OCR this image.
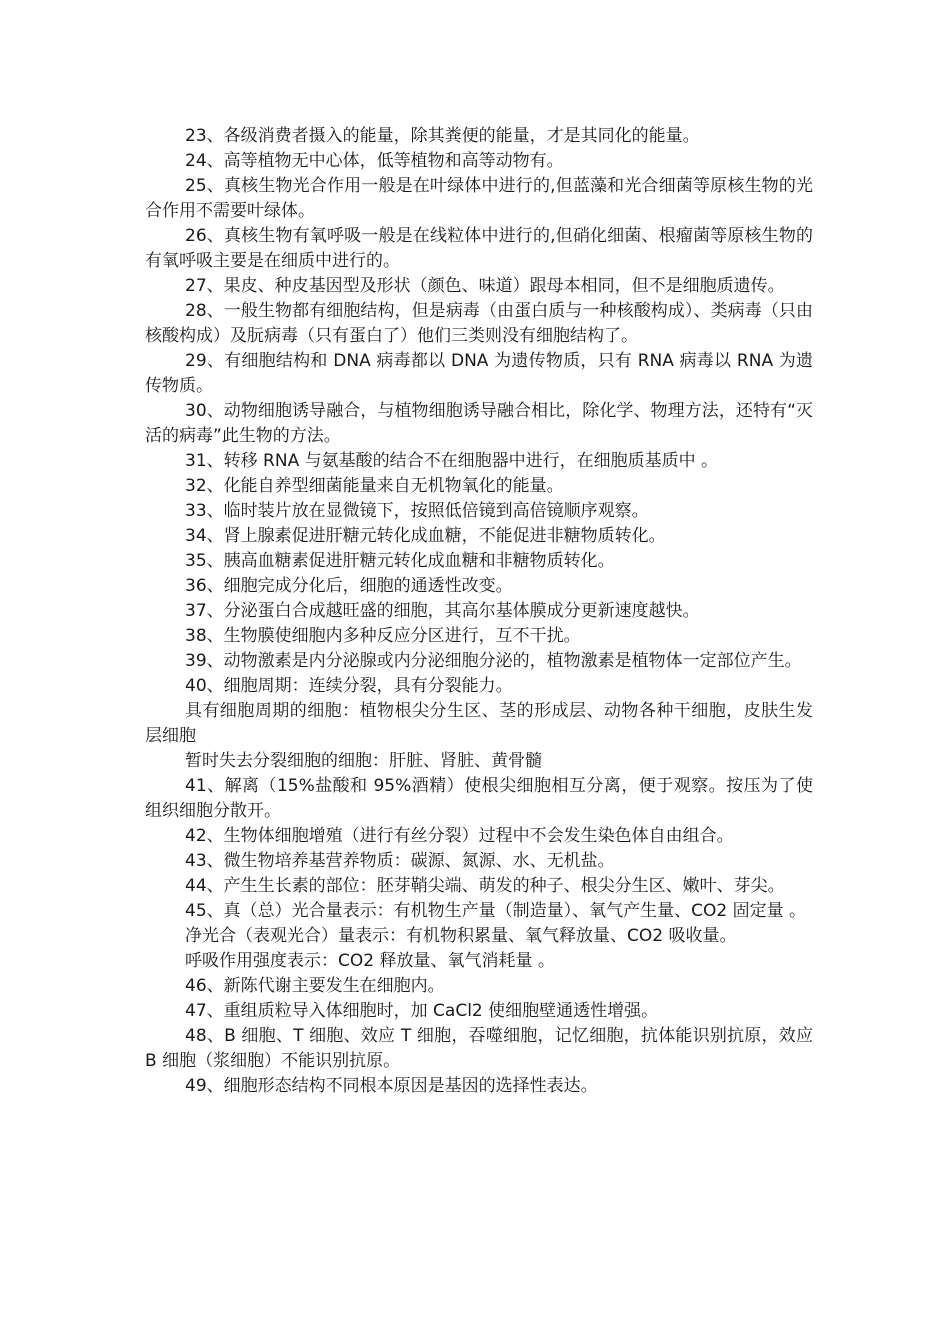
23、各级消费者摄入的能量，除其粪便的能量，才是其同化的能量。

24、高等植物无中心体，低等植物和高等动物有。

25、真核生物光合作用一般是在叶绿体中进行的,但蓝藻和光合细菌等原核生物的光合作用不需要叶绿体。

26、真核生物有氧呼吸一般是在线粒体中进行的,但硝化细菌、根瘤菌等原核生物的有氧呼吸主要是在细质中进行的。

27、果皮、种皮基因型及形状（颜色、味道）跟母本相同，但不是细胞质遗传。

28、一般生物都有细胞结构，但是病毒（由蛋白质与一种核酸构成）、类病毒（只由核酸构成）及朊病毒（只有蛋白了）他们三类则没有细胞结构了。

29、有细胞结构和 DNA 病毒都以 DNA 为遗传物质，只有 RNA 病毒以 RNA 为遗传物质。

30、动物细胞诱导融合，与植物细胞诱导融合相比，除化学、物理方法，还特有“灭活的病毒”此生物的方法。

31、转移 RNA 与氨基酸的结合不在细胞器中进行，在细胞质基质中 。

32、化能自养型细菌能量来自无机物氧化的能量。

33、临时装片放在显微镜下，按照低倍镜到高倍镜顺序观察。

34、肾上腺素促进肝糖元转化成血糖，不能促进非糖物质转化。

35、胰高血糖素促进肝糖元转化成血糖和非糖物质转化。

36、细胞完成分化后，细胞的通透性改变。

37、分泌蛋白合成越旺盛的细胞，其高尔基体膜成分更新速度越快。

38、生物膜使细胞内多种反应分区进行，互不干扰。

39、动物激素是内分泌腺或内分泌细胞分泌的，植物激素是植物体一定部位产生。

40、细胞周期：连续分裂，具有分裂能力。

具有细胞周期的细胞：植物根尖分生区、茎的形成层、动物各种干细胞，皮肤生发层细胞

暂时失去分裂细胞的细胞：肝脏、肾脏、黄骨髓

41、解离（15%盐酸和 95%酒精）使根尖细胞相互分离，便于观察。按压为了使组织细胞分散开。

42、生物体细胞增殖（进行有丝分裂）过程中不会发生染色体自由组合。

43、微生物培养基营养物质：碳源、氮源、水、无机盐。

44、产生生长素的部位：胚芽鞘尖端、萌发的种子、根尖分生区、嫩叶、芽尖。

45、真（总）光合量表示：有机物生产量（制造量）、氧气产生量、CO2 固定量 。

净光合（表观光合）量表示：有机物积累量、氧气释放量、CO2 吸收量。

呼吸作用强度表示：CO2 释放量、氧气消耗量 。

46、新陈代谢主要发生在细胞内。

47、重组质粒导入体细胞时，加 CaCl2 使细胞壁通透性增强。

48、B 细胞、T 细胞、效应 T 细胞，吞噬细胞，记忆细胞，抗体能识别抗原，效应 B 细胞（浆细胞）不能识别抗原。

49、细胞形态结构不同根本原因是基因的选择性表达。
